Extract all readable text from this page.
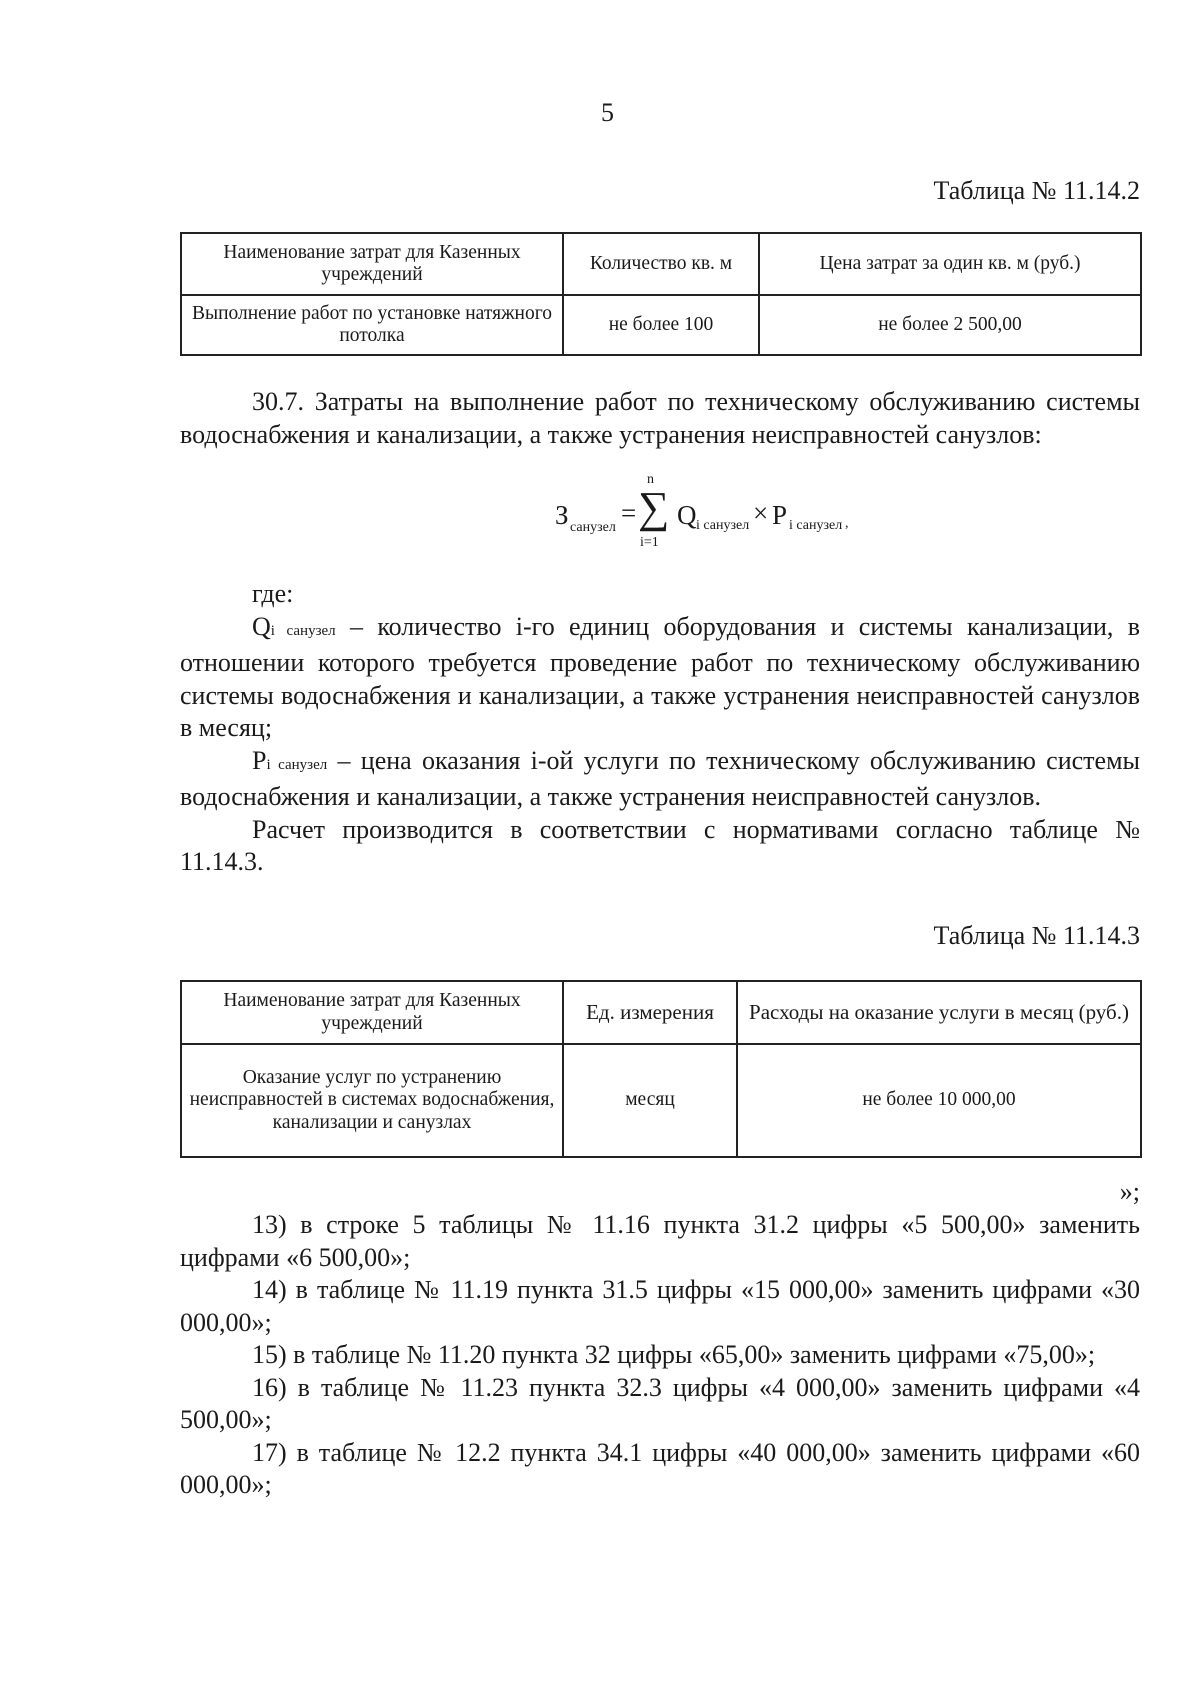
5
Таблица № 11.14.2
Наименование затрат для Казенных учреждений	Количество кв. м	Цена затрат за один кв. м (руб.)
Выполнение работ по установке натяжного потолка	не более 100	не более 2 500,00

30.7. Затраты на выполнение работ по техническому обслуживанию системы водоснабжения и канализации, а также устранения неисправностей санузлов:

З санузел =
n
∑
i=1
Q i санузел × P i санузел ,

где:

Qi санузел – количество i-го единиц оборудования и системы канализации, в отношении которого требуется проведение работ по техническому обслуживанию системы водоснабжения и канализации, а также устранения неисправностей санузлов в месяц;

Pi санузел – цена оказания i-ой услуги по техническому обслуживанию системы водоснабжения и канализации, а также устранения неисправностей санузлов.

Расчет производится в соответствии с нормативами согласно таблице № 11.14.3.

Таблица № 11.14.3
Наименование затрат для Казенных учреждений	Ед. измерения	Расходы на оказание услуги в месяц (руб.)
Оказание услуг по устранению неисправностей в системах водоснабжения, канализации и санузлах	месяц	не более 10 000,00
»;

13) в строке 5 таблицы № 11.16 пункта 31.2 цифры «5 500,00» заменить цифрами «6 500,00»;

14) в таблице № 11.19 пункта 31.5 цифры «15 000,00» заменить цифрами «30 000,00»;

15) в таблице № 11.20 пункта 32 цифры «65,00» заменить цифрами «75,00»;

16) в таблице № 11.23 пункта 32.3 цифры «4 000,00» заменить цифрами «4 500,00»;

17) в таблице № 12.2 пункта 34.1 цифры «40 000,00» заменить цифрами «60 000,00»;
